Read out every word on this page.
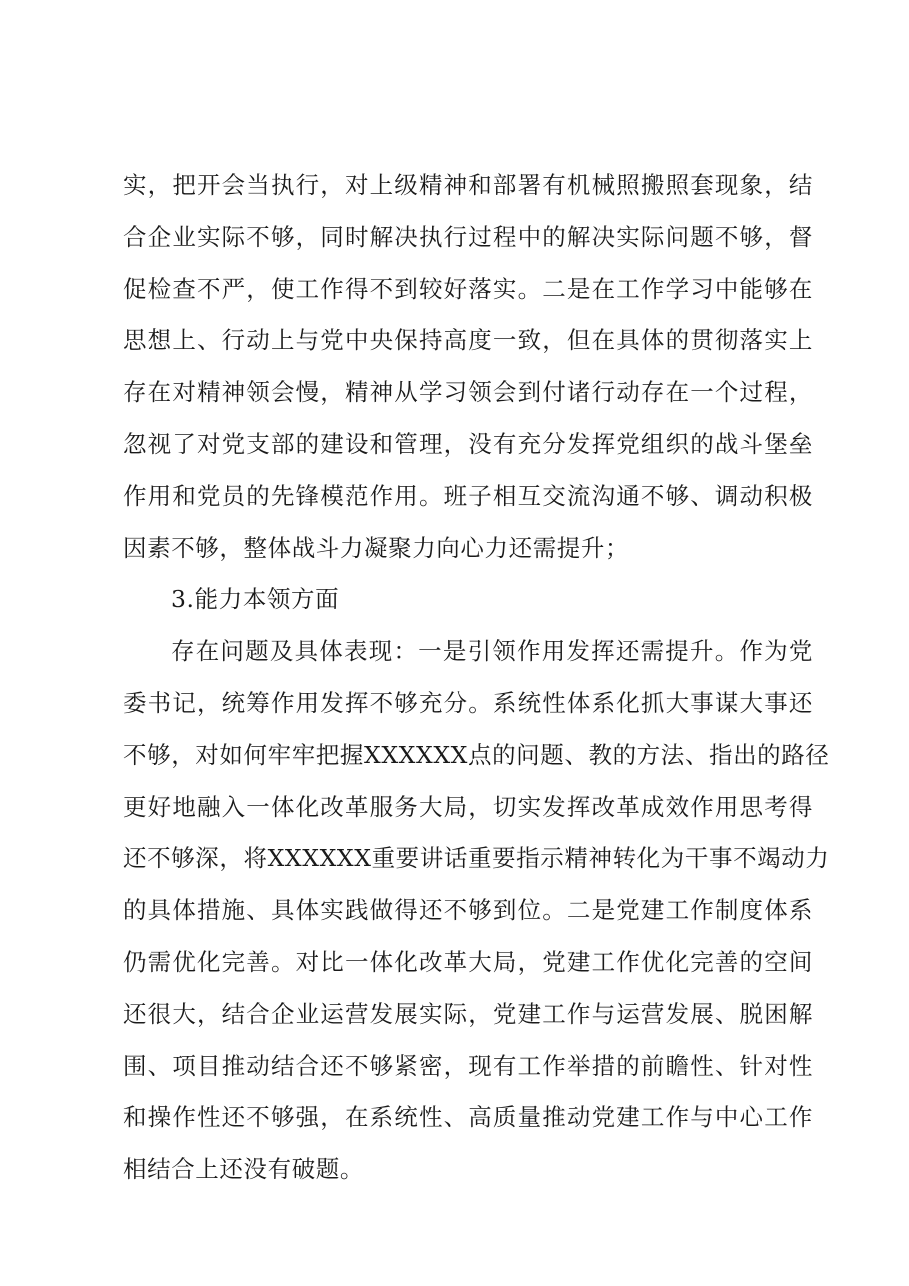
实，把开会当执行，对上级精神和部署有机械照搬照套现象，结
合企业实际不够，同时解决执行过程中的解决实际问题不够，督
促检查不严，使工作得不到较好落实。二是在工作学习中能够在
思想上、行动上与党中央保持高度一致，但在具体的贯彻落实上
存在对精神领会慢，精神从学习领会到付诸行动存在一个过程，
忽视了对党支部的建设和管理，没有充分发挥党组织的战斗堡垒
作用和党员的先锋模范作用。班子相互交流沟通不够、调动积极
因素不够，整体战斗力凝聚力向心力还需提升；
3.能力本领方面
存在问题及具体表现：一是引领作用发挥还需提升。作为党
委书记，统筹作用发挥不够充分。系统性体系化抓大事谋大事还
不够，对如何牢牢把握XXXXXX点的问题、教的方法、指出的路径
更好地融入一体化改革服务大局，切实发挥改革成效作用思考得
还不够深，将XXXXXX重要讲话重要指示精神转化为干事不竭动力
的具体措施、具体实践做得还不够到位。二是党建工作制度体系
仍需优化完善。对比一体化改革大局，党建工作优化完善的空间
还很大，结合企业运营发展实际，党建工作与运营发展、脱困解
围、项目推动结合还不够紧密，现有工作举措的前瞻性、针对性
和操作性还不够强，在系统性、高质量推动党建工作与中心工作
相结合上还没有破题。
